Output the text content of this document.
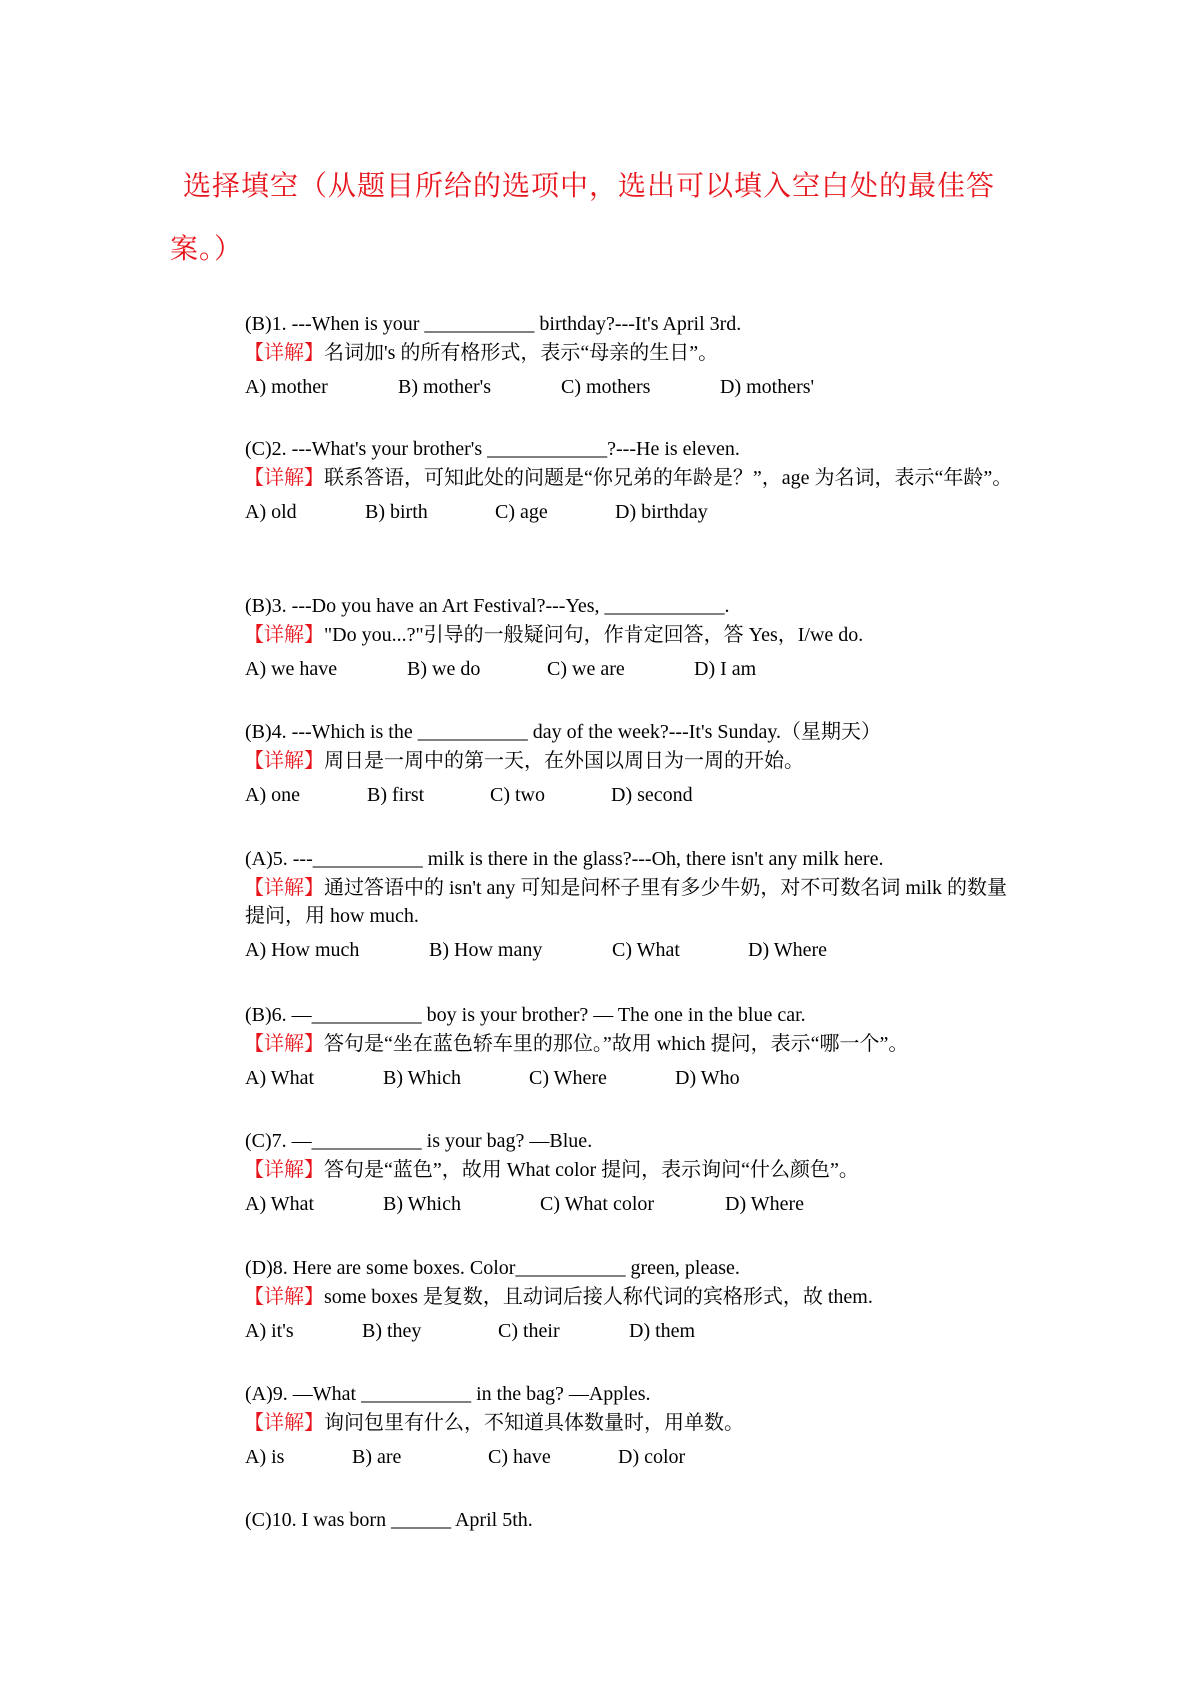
选择填空（从题目所给的选项中，选出可以填入空白处的最佳答
案。）
(B)1. ---When is your ___________ birthday?---It's April 3rd.
【详解】名词加's 的所有格形式，表示“母亲的生日”。
A) mother	B) mother's	C) mothers	D) mothers'
(C)2. ---What's your brother's ____________?---He is eleven.
【详解】联系答语，可知此处的问题是“你兄弟的年龄是？”，age 为名词，表示“年龄”。
A) old	B) birth	C) age	D) birthday
(B)3. ---Do you have an Art Festival?---Yes, ____________.
【详解】"Do you...?"引导的一般疑问句，作肯定回答，答 Yes，I/we do.
A) we have	B) we do	C) we are	D) I am
(B)4. ---Which is the ___________ day of the week?---It's Sunday.（星期天）
【详解】周日是一周中的第一天，在外国以周日为一周的开始。
A) one	B) first	C) two	D) second
(A)5. ---___________ milk is there in the glass?---Oh, there isn't any milk here.
【详解】通过答语中的 isn't any 可知是问杯子里有多少牛奶，对不可数名词 milk 的数量提问，用 how much.
A) How much	B) How many	C) What	D) Where
(B)6. —___________ boy is your brother? — The one in the blue car.
【详解】答句是“坐在蓝色轿车里的那位。”故用 which 提问，表示“哪一个”。
A) What	B) Which	C) Where	D) Who
(C)7. —___________ is your bag? —Blue.
【详解】答句是“蓝色”，故用 What color 提问，表示询问“什么颜色”。
A) What	B) Which	C) What color	D) Where
(D)8. Here are some boxes. Color___________ green, please.
【详解】some boxes 是复数，且动词后接人称代词的宾格形式，故 them.
A) it's	B) they	C) their	D) them
(A)9. —What ___________ in the bag? —Apples.
【详解】询问包里有什么，不知道具体数量时，用单数。
A) is	B) are	C) have	D) color
(C)10. I was born ______ April 5th.
